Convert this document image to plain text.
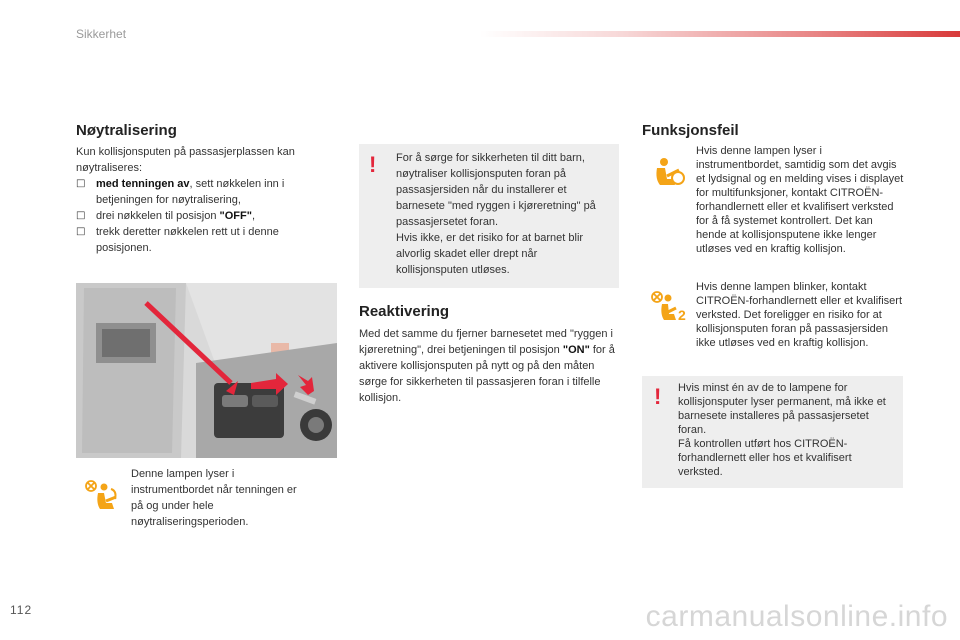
Sikkerhet
Nøytralisering
Kun kollisjonsputen på passasjerplassen kan nøytraliseres:
□ med tenningen av, sett nøkkelen inn i betjeningen for nøytralisering,
□ drei nøkkelen til posisjon "OFF",
□ trekk deretter nøkkelen rett ut i denne posisjonen.
Denne lampen lyser i instrumentbordet når tenningen er på og under hele nøytraliseringsperioden.
! For å sørge for sikkerheten til ditt barn, nøytraliser kollisjonsputen foran på passasjersiden når du installerer et barnesete "med ryggen i kjøreretning" på passasjersetet foran.
Hvis ikke, er det risiko for at barnet blir alvorlig skadet eller drept når kollisjonsputen utløses.
Reaktivering
Med det samme du fjerner barnesetet med "ryggen i kjøreretning", drei betjeningen til posisjon "ON" for å aktivere kollisjonsputen på nytt og på den måten sørge for sikkerheten til passasjeren foran i tilfelle kollisjon.
Funksjonsfeil
Hvis denne lampen lyser i instrumentbordet, samtidig som det avgis et lydsignal og en melding vises i displayet for multifunksjoner, kontakt CITROËN-forhandlernett eller et kvalifisert verksted for å få systemet kontrollert. Det kan hende at kollisjonsputene ikke lenger utløses ved en kraftig kollisjon.
2
Hvis denne lampen blinker, kontakt CITROËN-forhandlernett eller et kvalifisert verksted. Det foreligger en risiko for at kollisjonsputen foran på passasjersiden ikke utløses ved en kraftig kollisjon.
! Hvis minst én av de to lampene for kollisjonsputer lyser permanent, må ikke et barnesete installeres på passasjersetet foran.
Få kontrollen utført hos CITROËN-forhandlernett eller hos et kvalifisert verksted.
112	carmanualsonline.info
